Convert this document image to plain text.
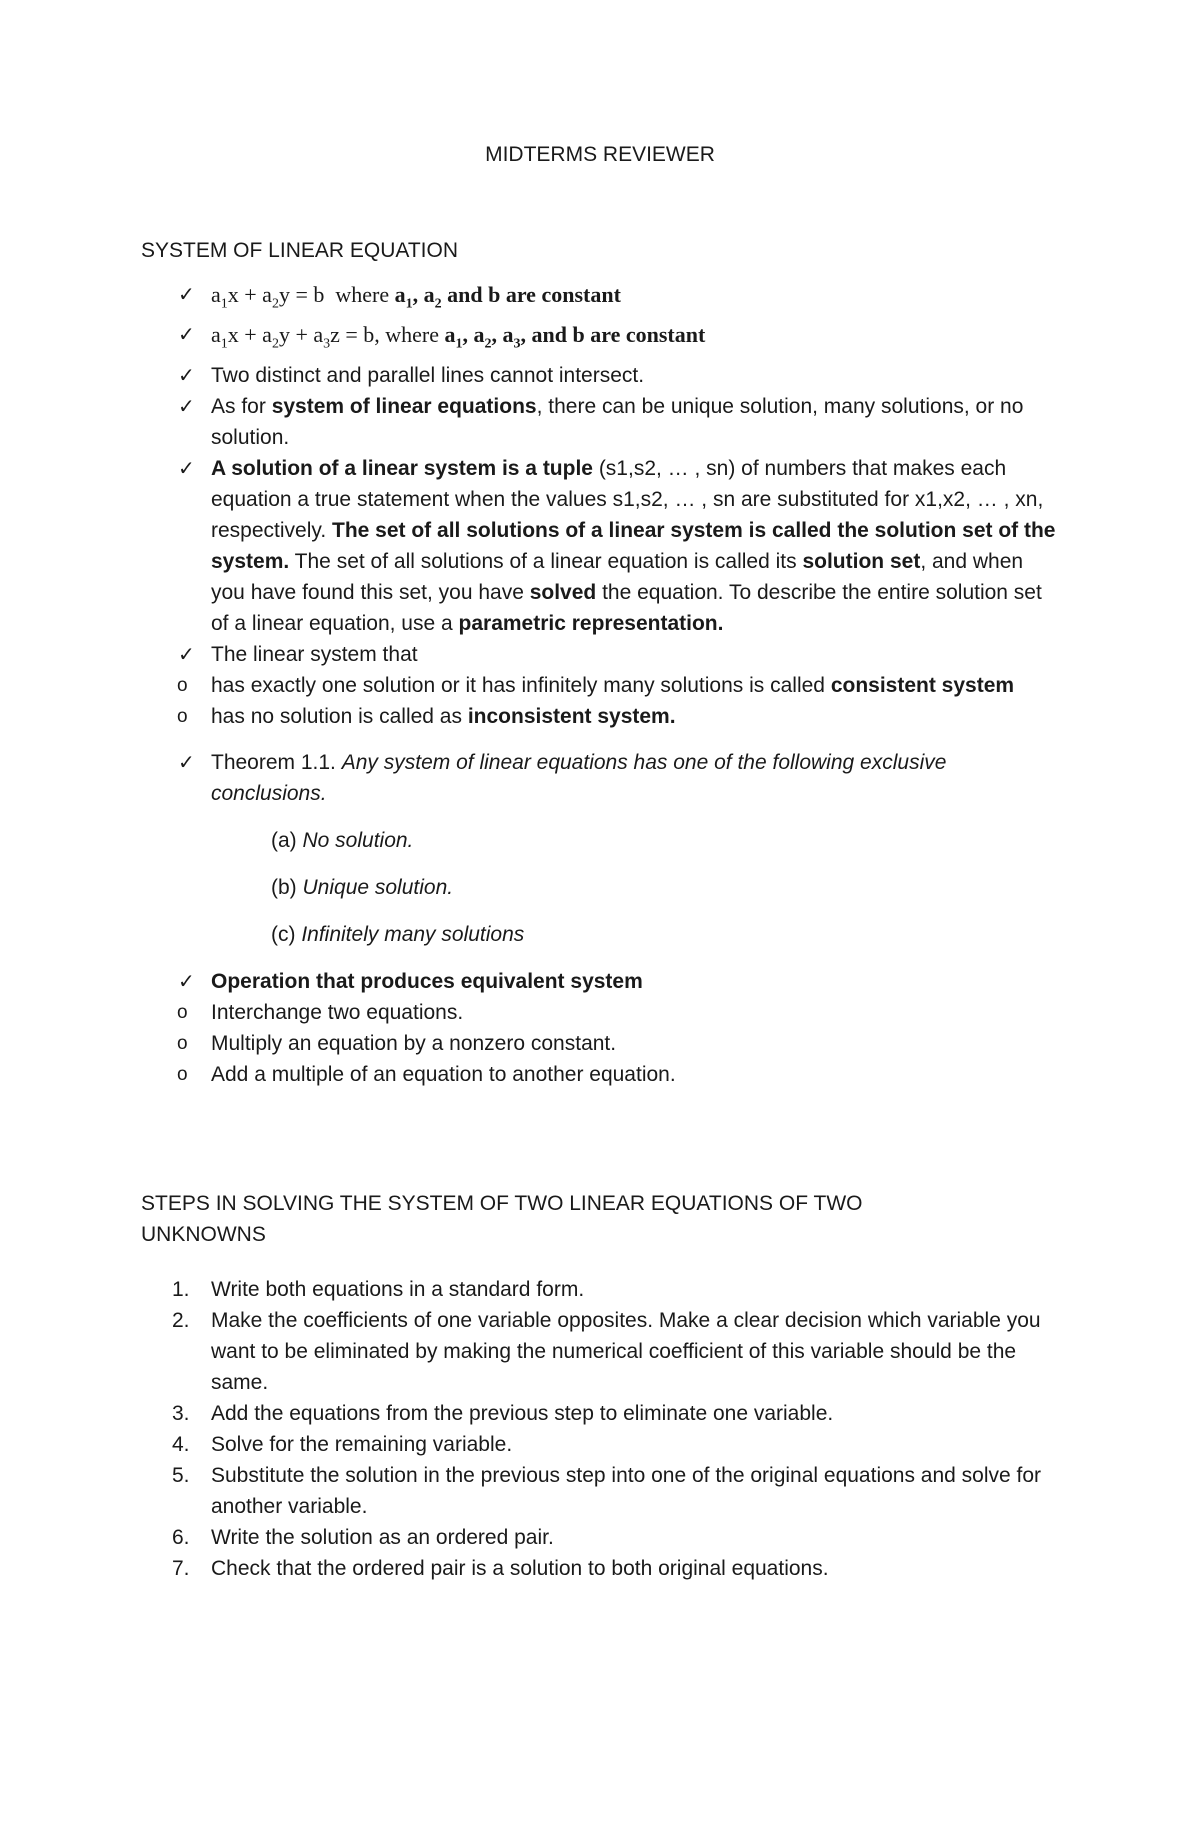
MIDTERMS REVIEWER
SYSTEM OF LINEAR EQUATION
✓ $a_1x + a_2y = b$  where $a_1$, $a_2$ and b are constant
✓ $a_1x + a_2y + a_3z = b$, where $a_1$, $a_2$, $a_3$, and b are constant
✓ Two distinct and parallel lines cannot intersect.
✓ As for system of linear equations, there can be unique solution, many solutions, or no solution.
✓ A solution of a linear system is a tuple (s1,s2, … , sn) of numbers that makes each equation a true statement when the values s1,s2, … , sn are substituted for x1,x2, … , xn, respectively. The set of all solutions of a linear system is called the solution set of the system. The set of all solutions of a linear equation is called its solution set, and when you have found this set, you have solved the equation. To describe the entire solution set of a linear equation, use a parametric representation.
✓ The linear system that
o has exactly one solution or it has infinitely many solutions is called consistent system
o has no solution is called as inconsistent system.
✓ Theorem 1.1. Any system of linear equations has one of the following exclusive conclusions.
(a) No solution.
(b) Unique solution.
(c) Infinitely many solutions
✓ Operation that produces equivalent system
o Interchange two equations.
o Multiply an equation by a nonzero constant.
o Add a multiple of an equation to another equation.
STEPS IN SOLVING THE SYSTEM OF TWO LINEAR EQUATIONS OF TWO UNKNOWNS
1. Write both equations in a standard form.
2. Make the coefficients of one variable opposites. Make a clear decision which variable you want to be eliminated by making the numerical coefficient of this variable should be the same.
3. Add the equations from the previous step to eliminate one variable.
4. Solve for the remaining variable.
5. Substitute the solution in the previous step into one of the original equations and solve for another variable.
6. Write the solution as an ordered pair.
7. Check that the ordered pair is a solution to both original equations.
